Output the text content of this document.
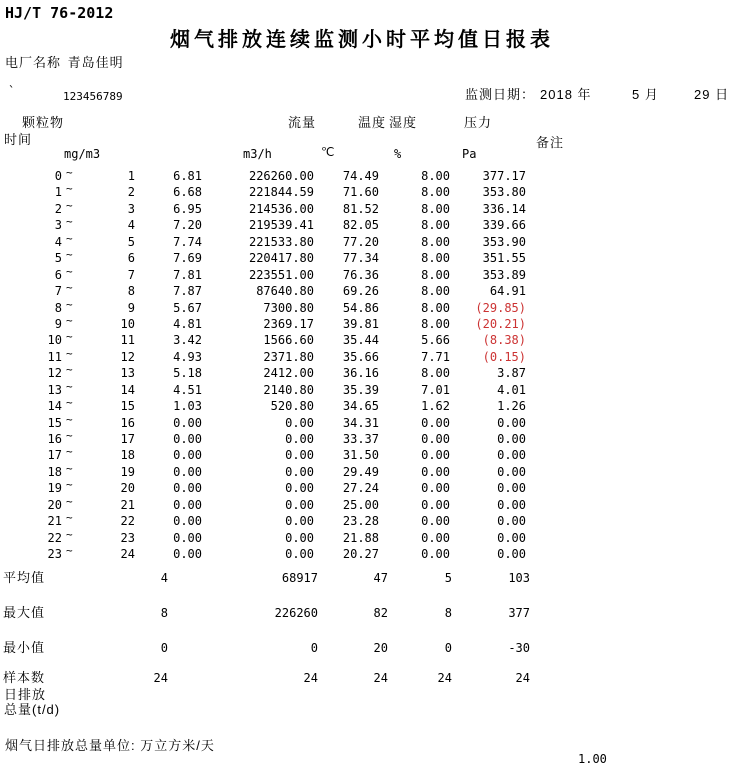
HJ/T 76-2012
烟气排放连续监测小时平均值日报表
电厂名称 青岛佳明
`	123456789	监测日期： 2018 年	5 月	29 日
颗粒物
时间
流量	温度 湿度	压力
备注
mg/m3	m3/h	℃	%	Pa
0 ~	1	6.81	226260.00	74.49	8.00	377.17
1 ~	2	6.68	221844.59	71.60	8.00	353.80
2 ~	3	6.95	214536.00	81.52	8.00	336.14
3 ~	4	7.20	219539.41	82.05	8.00	339.66
4 ~	5	7.74	221533.80	77.20	8.00	353.90
5 ~	6	7.69	220417.80	77.34	8.00	351.55
6 ~	7	7.81	223551.00	76.36	8.00	353.89
7 ~	8	7.87	87640.80	69.26	8.00	64.91
8 ~	9	5.67	7300.80	54.86	8.00	(29.85)
9 ~	10	4.81	2369.17	39.81	8.00	(20.21)
10 ~	11	3.42	1566.60	35.44	5.66	(8.38)
11 ~	12	4.93	2371.80	35.66	7.71	(0.15)
12 ~	13	5.18	2412.00	36.16	8.00	3.87
13 ~	14	4.51	2140.80	35.39	7.01	4.01
14 ~	15	1.03	520.80	34.65	1.62	1.26
15 ~	16	0.00	0.00	34.31	0.00	0.00
16 ~	17	0.00	0.00	33.37	0.00	0.00
17 ~	18	0.00	0.00	31.50	0.00	0.00
18 ~	19	0.00	0.00	29.49	0.00	0.00
19 ~	20	0.00	0.00	27.24	0.00	0.00
20 ~	21	0.00	0.00	25.00	0.00	0.00
21 ~	22	0.00	0.00	23.28	0.00	0.00
22 ~	23	0.00	0.00	21.88	0.00	0.00
23 ~	24	0.00	0.00	20.27	0.00	0.00
平均值	4	68917	47	5	103
最大值	8	226260	82	8	377
最小值	0	0	20	0	-30
样本数	24	24	24	24	24
日排放
总量(t/d)
烟气日排放总量单位: 万立方米/天
1.00
